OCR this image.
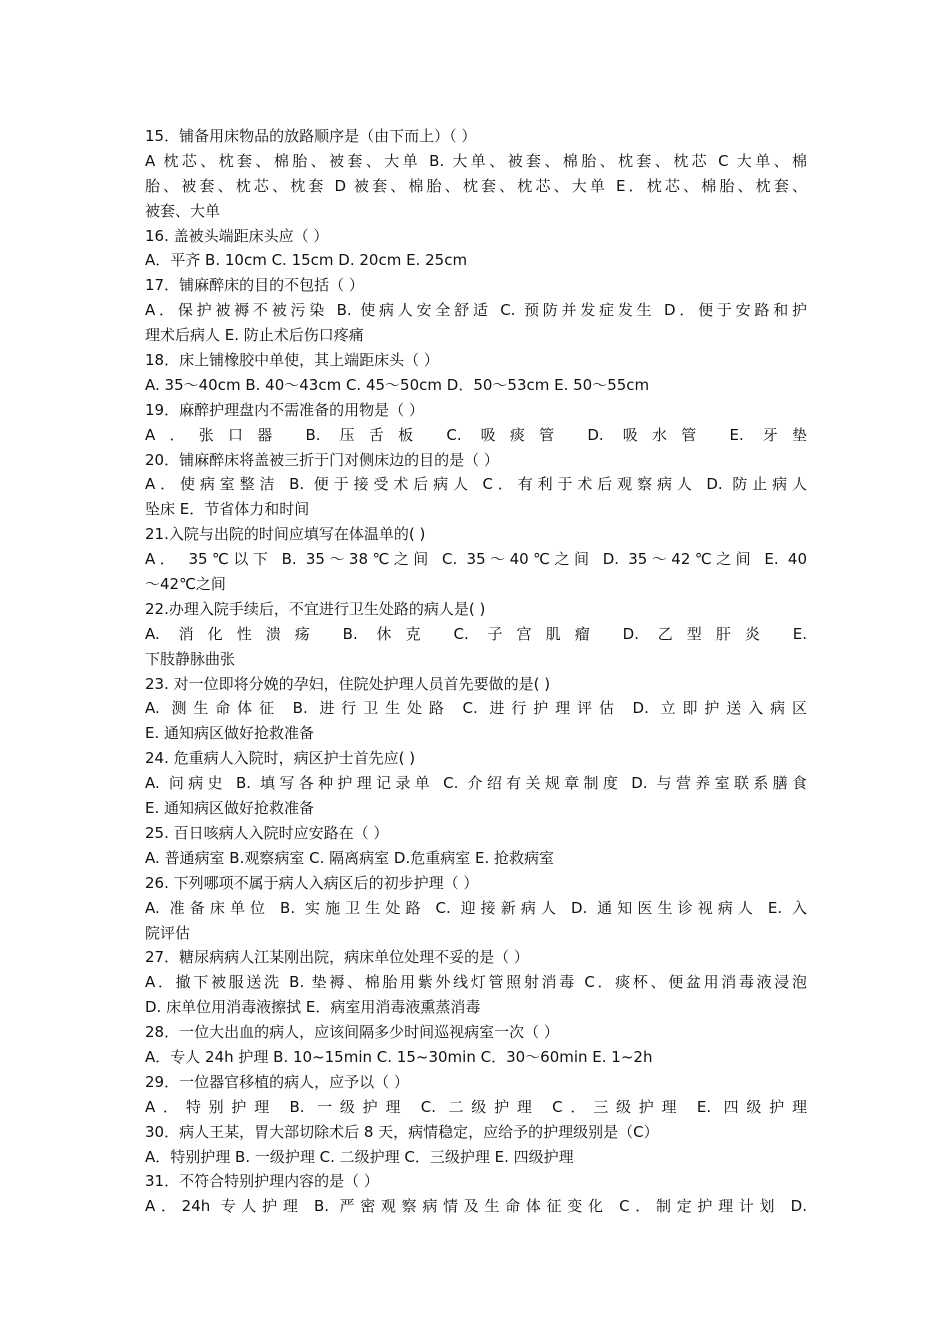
15．铺备用床物品的放路顺序是（由下而上）（ ）
A 枕芯、枕套、棉胎、被套、大单 B. 大单、被套、棉胎、枕套、枕芯 C 大单、棉
胎、被套、枕芯、枕套 D 被套、棉胎、枕套、枕芯、大单 E．枕芯、棉胎、枕套、
被套、大单
16. 盖被头端距床头应（ ）
A．平齐 B. 10cm C. 15cm D. 20cm E. 25cm
17．铺麻醉床的目的不包括（ ）
A．保护被褥不被污染 B. 使病人安全舒适 C. 预防并发症发生 D．便于安路和护
理术后病人 E. 防止术后伤口疼痛
18．床上铺橡胶中单使，其上端距床头（ ）
A. 35～40cm B. 40～43cm C. 45～50cm D．50～53cm E. 50～55cm
19．麻醉护理盘内不需准备的用物是（ ）
A．张口器 B. 压舌板 C. 吸痰管 D. 吸水管 E. 牙垫
20．铺麻醉床将盖被三折于门对侧床边的目的是（ ）
A．使病室整洁 B. 便于接受术后病人 C．有利于术后观察病人 D. 防止病人
坠床 E．节省体力和时间
21.入院与出院的时间应填写在体温单的( )
A． 35℃以下 B. 35～38℃之间 C. 35～40℃之间 D. 35～42℃之间 E. 40
～42℃之间
22.办理入院手续后，不宜进行卫生处路的病人是( )
A. 消化性溃疡 B. 休克 C. 子宫肌瘤 D. 乙型肝炎 E.
下肢静脉曲张
23. 对一位即将分娩的孕妇，住院处护理人员首先要做的是( )
A. 测生命体征 B. 进行卫生处路 C. 进行护理评估 D. 立即护送入病区
E. 通知病区做好抢救准备
24. 危重病人入院时，病区护士首先应( )
A. 问病史 B. 填写各种护理记录单 C. 介绍有关规章制度 D. 与营养室联系膳食
E. 通知病区做好抢救准备
25. 百日咳病人入院时应安路在（ ）
A. 普通病室 B.观察病室 C. 隔离病室 D.危重病室 E. 抢救病室
26. 下列哪项不属于病人入病区后的初步护理（ ）
A. 准备床单位 B. 实施卫生处路 C. 迎接新病人 D. 通知医生诊视病人 E. 入
院评估
27．糖尿病病人江某刚出院，病床单位处理不妥的是（ ）
A．撤下被服送洗 B. 垫褥、棉胎用紫外线灯管照射消毒 C．痰杯、便盆用消毒液浸泡
D. 床单位用消毒液擦拭 E．病室用消毒液熏蒸消毒
28．一位大出血的病人，应该间隔多少时间巡视病室一次（ ）
A．专人 24h 护理 B. 10~15min C. 15~30min C．30～60min E. 1~2h
29．一位器官移植的病人，应予以（ ）
A．特别护理 B. 一级护理 C. 二级护理 C．三级护理 E. 四级护理
30．病人王某，胃大部切除术后 8 天，病情稳定，应给予的护理级别是（C）
A．特别护理 B. 一级护理 C. 二级护理 C．三级护理 E. 四级护理
31．不符合特别护理内容的是（ ）
A．24h 专人护理 B. 严密观察病情及生命体征变化 C．制定护理计划 D.
